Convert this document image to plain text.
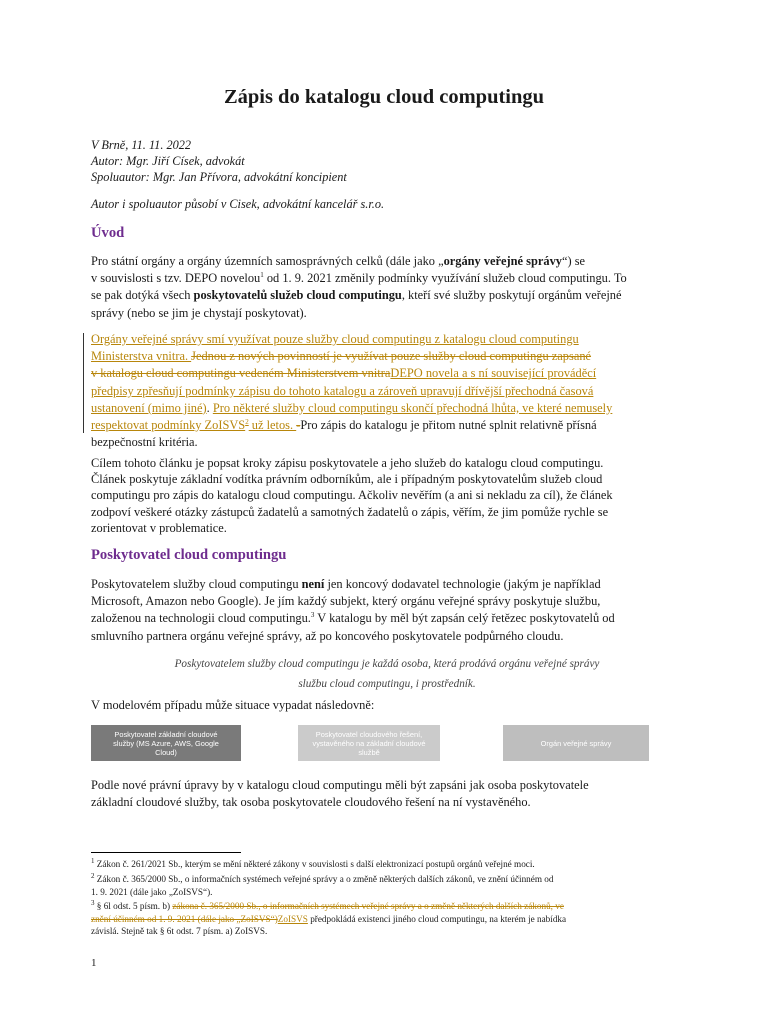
Zápis do katalogu cloud computingu
V Brně, 11. 11. 2022
Autor: Mgr. Jiří Císek, advokát
Spoluautor: Mgr. Jan Přívora, advokátní koncipient
Autor i spoluautor působí v Cisek, advokátní kancelář s.r.o.
Úvod
Pro státní orgány a orgány územních samosprávných celků (dále jako „orgány veřejné správy“) se
v souvislosti s tzv. DEPO novelou$^1$ od 1. 9. 2021 změnily podmínky využívání služeb cloud computingu. To
se pak dotýká všech poskytovatelů služeb cloud computingu, kteří své služby poskytují orgánům veřejné
správy (nebo se jim je chystají poskytovat).
Orgány veřejné správy smí využívat pouze služby cloud computingu z katalogu cloud computingu
Ministerstva vnitra. Jednou z nových povinností je využívat pouze služby cloud computingu zapsané
v katalogu cloud computingu vedeném Ministerstvem vnitraDEPO novela a s ní související prováděcí
předpisy zpřesňují podmínky zápisu do tohoto katalogu a zároveň upravují dřívější přechodná časová
ustanovení (mimo jiné). Pro některé služby cloud computingu skončí přechodná lhůta, ve které nemusely
respektovat podmínky ZoISVS$^2$ už letos. -Pro zápis do katalogu je přitom nutné splnit relativně přísná
bezpečnostní kritéria.
Cílem tohoto článku je popsat kroky zápisu poskytovatele a jeho služeb do katalogu cloud computingu.
Článek poskytuje základní vodítka právním odborníkům, ale i případným poskytovatelům služeb cloud
computingu pro zápis do katalogu cloud computingu. Ačkoliv nevěřím (a ani si nekladu za cíl), že článek
zodpoví veškeré otázky zástupců žadatelů a samotných žadatelů o zápis, věřím, že jim pomůže rychle se
zorientovat v problematice.
Poskytovatel cloud computingu
Poskytovatelem služby cloud computingu není jen koncový dodavatel technologie (jakým je například
Microsoft, Amazon nebo Google). Je jím každý subjekt, který orgánu veřejné správy poskytuje službu,
založenou na technologii cloud computingu.$^3$ V katalogu by měl být zapsán celý řetězec poskytovatelů od
smluvního partnera orgánu veřejné správy, až po koncového poskytovatele podpůrného cloudu.
Poskytovatelem služby cloud computingu je každá osoba, která prodává orgánu veřejné správy
službu cloud computingu, i prostředník.
V modelovém případu může situace vypadat následovně:
Poskytovatel základní cloudové
služby (MS Azure, AWS, Google
Cloud)
Poskytovatel cloudového řešení,
vystavěného na základní cloudové
službě
Orgán veřejné správy
Podle nové právní úpravy by v katalogu cloud computingu měli být zapsáni jak osoba poskytovatele
základní cloudové služby, tak osoba poskytovatele cloudového řešení na ní vystavěného.
$^1$ Zákon č. 261/2021 Sb., kterým se mění některé zákony v souvislosti s další elektronizací postupů orgánů veřejné moci.
$^2$ Zákon č. 365/2000 Sb., o informačních systémech veřejné správy a o změně některých dalších zákonů, ve znění účinném od
1. 9. 2021 (dále jako „ZoISVS“).
$^3$ § 6l odst. 5 písm. b) zákona č. 365/2000 Sb., o informačních systémech veřejné správy a o změně některých dalších zákonů, ve
znění účinném od 1. 9. 2021 (dále jako „ZoISVS“)ZoISVS předpokládá existenci jiného cloud computingu, na kterém je nabídka
závislá. Stejně tak § 6t odst. 7 písm. a) ZoISVS.
1
